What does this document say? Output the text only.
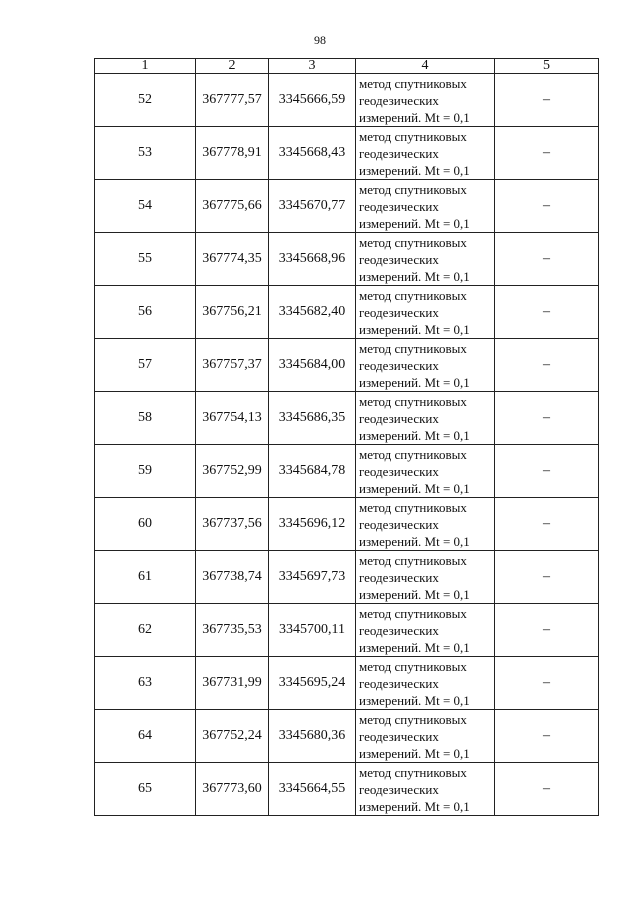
98
1	2	3	4	5
52	367777,57	3345666,59	метод спутниковых
геодезических
измерений. Mt = 0,1	–
53	367778,91	3345668,43	метод спутниковых
геодезических
измерений. Mt = 0,1	–
54	367775,66	3345670,77	метод спутниковых
геодезических
измерений. Mt = 0,1	–
55	367774,35	3345668,96	метод спутниковых
геодезических
измерений. Mt = 0,1	–
56	367756,21	3345682,40	метод спутниковых
геодезических
измерений. Mt = 0,1	–
57	367757,37	3345684,00	метод спутниковых
геодезических
измерений. Mt = 0,1	–
58	367754,13	3345686,35	метод спутниковых
геодезических
измерений. Mt = 0,1	–
59	367752,99	3345684,78	метод спутниковых
геодезических
измерений. Mt = 0,1	–
60	367737,56	3345696,12	метод спутниковых
геодезических
измерений. Mt = 0,1	–
61	367738,74	3345697,73	метод спутниковых
геодезических
измерений. Mt = 0,1	–
62	367735,53	3345700,11	метод спутниковых
геодезических
измерений. Mt = 0,1	–
63	367731,99	3345695,24	метод спутниковых
геодезических
измерений. Mt = 0,1	–
64	367752,24	3345680,36	метод спутниковых
геодезических
измерений. Mt = 0,1	–
65	367773,60	3345664,55	метод спутниковых
геодезических
измерений. Mt = 0,1	–
